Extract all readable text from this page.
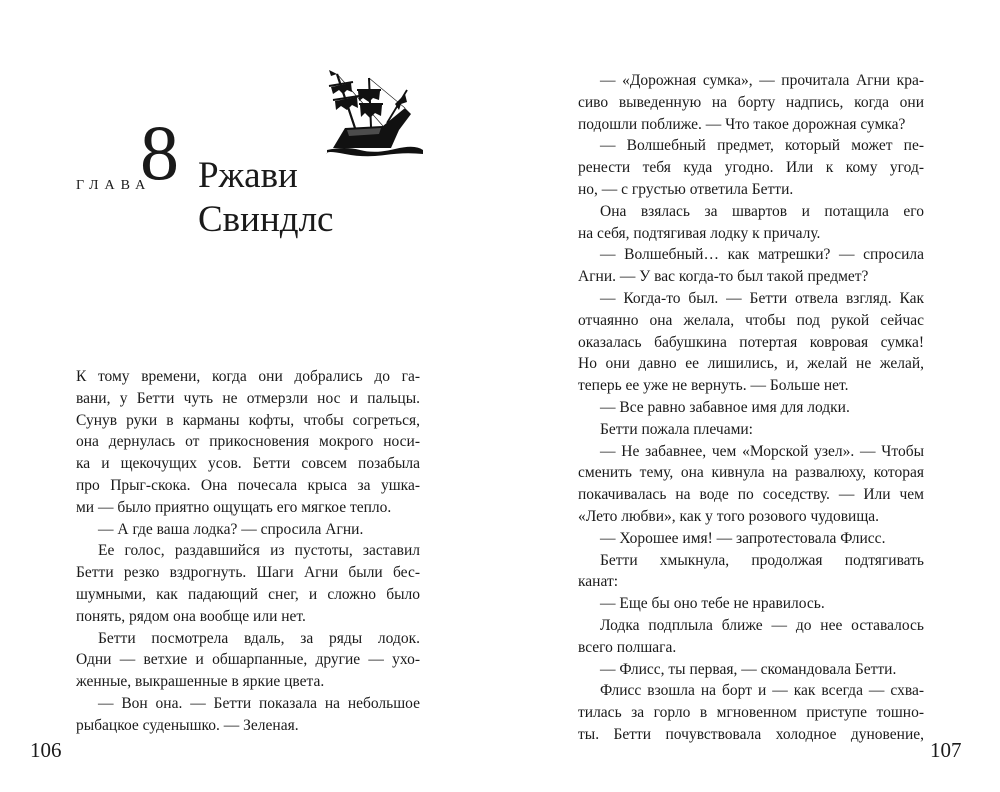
ГЛАВА
8 Ржави
Свиндлс
К тому времени, когда они добрались до га-
вани, у Бетти чуть не отмерзли нос и пальцы.
Сунув руки в карманы кофты, чтобы согреться,
она дернулась от прикосновения мокрого носи-
ка и щекочущих усов. Бетти совсем позабыла
про Прыг-скока. Она почесала крыса за ушка-
ми — было приятно ощущать его мягкое тепло.
— А где ваша лодка? — спросила Агни.
Ее голос, раздавшийся из пустоты, заставил
Бетти резко вздрогнуть. Шаги Агни были бес-
шумными, как падающий снег, и сложно было
понять, рядом она вообще или нет.
Бетти посмотрела вдаль, за ряды лодок.
Одни — ветхие и обшарпанные, другие — ухо-
женные, выкрашенные в яркие цвета.
— Вон она. — Бетти показала на небольшое
рыбацкое суденышко. — Зеленая.
106
— «Дорожная сумка», — прочитала Агни кра-
сиво выведенную на борту надпись, когда они
подошли поближе. — Что такое дорожная сумка?
— Волшебный предмет, который может пе-
ренести тебя куда угодно. Или к кому угод-
но, — с грустью ответила Бетти.
Она взялась за швартов и потащила его
на себя, подтягивая лодку к причалу.
— Волшебный… как матрешки? — спросила
Агни. — У вас когда-то был такой предмет?
— Когда-то был. — Бетти отвела взгляд. Как
отчаянно она желала, чтобы под рукой сейчас
оказалась бабушкина потертая ковровая сумка!
Но они давно ее лишились, и, желай не желай,
теперь ее уже не вернуть. — Больше нет.
— Все равно забавное имя для лодки.
Бетти пожала плечами:
— Не забавнее, чем «Морской узел». — Чтобы
сменить тему, она кивнула на развалюху, которая
покачивалась на воде по соседству. — Или чем
«Лето любви», как у того розового чудовища.
— Хорошее имя! — запротестовала Флисс.
Бетти хмыкнула, продолжая подтягивать
канат:
— Еще бы оно тебе не нравилось.
Лодка подплыла ближе — до нее оставалось
всего полшага.
— Флисс, ты первая, — скомандовала Бетти.
Флисс взошла на борт и — как всегда — схва-
тилась за горло в мгновенном приступе тошно-
ты. Бетти почувствовала холодное дуновение,
107
